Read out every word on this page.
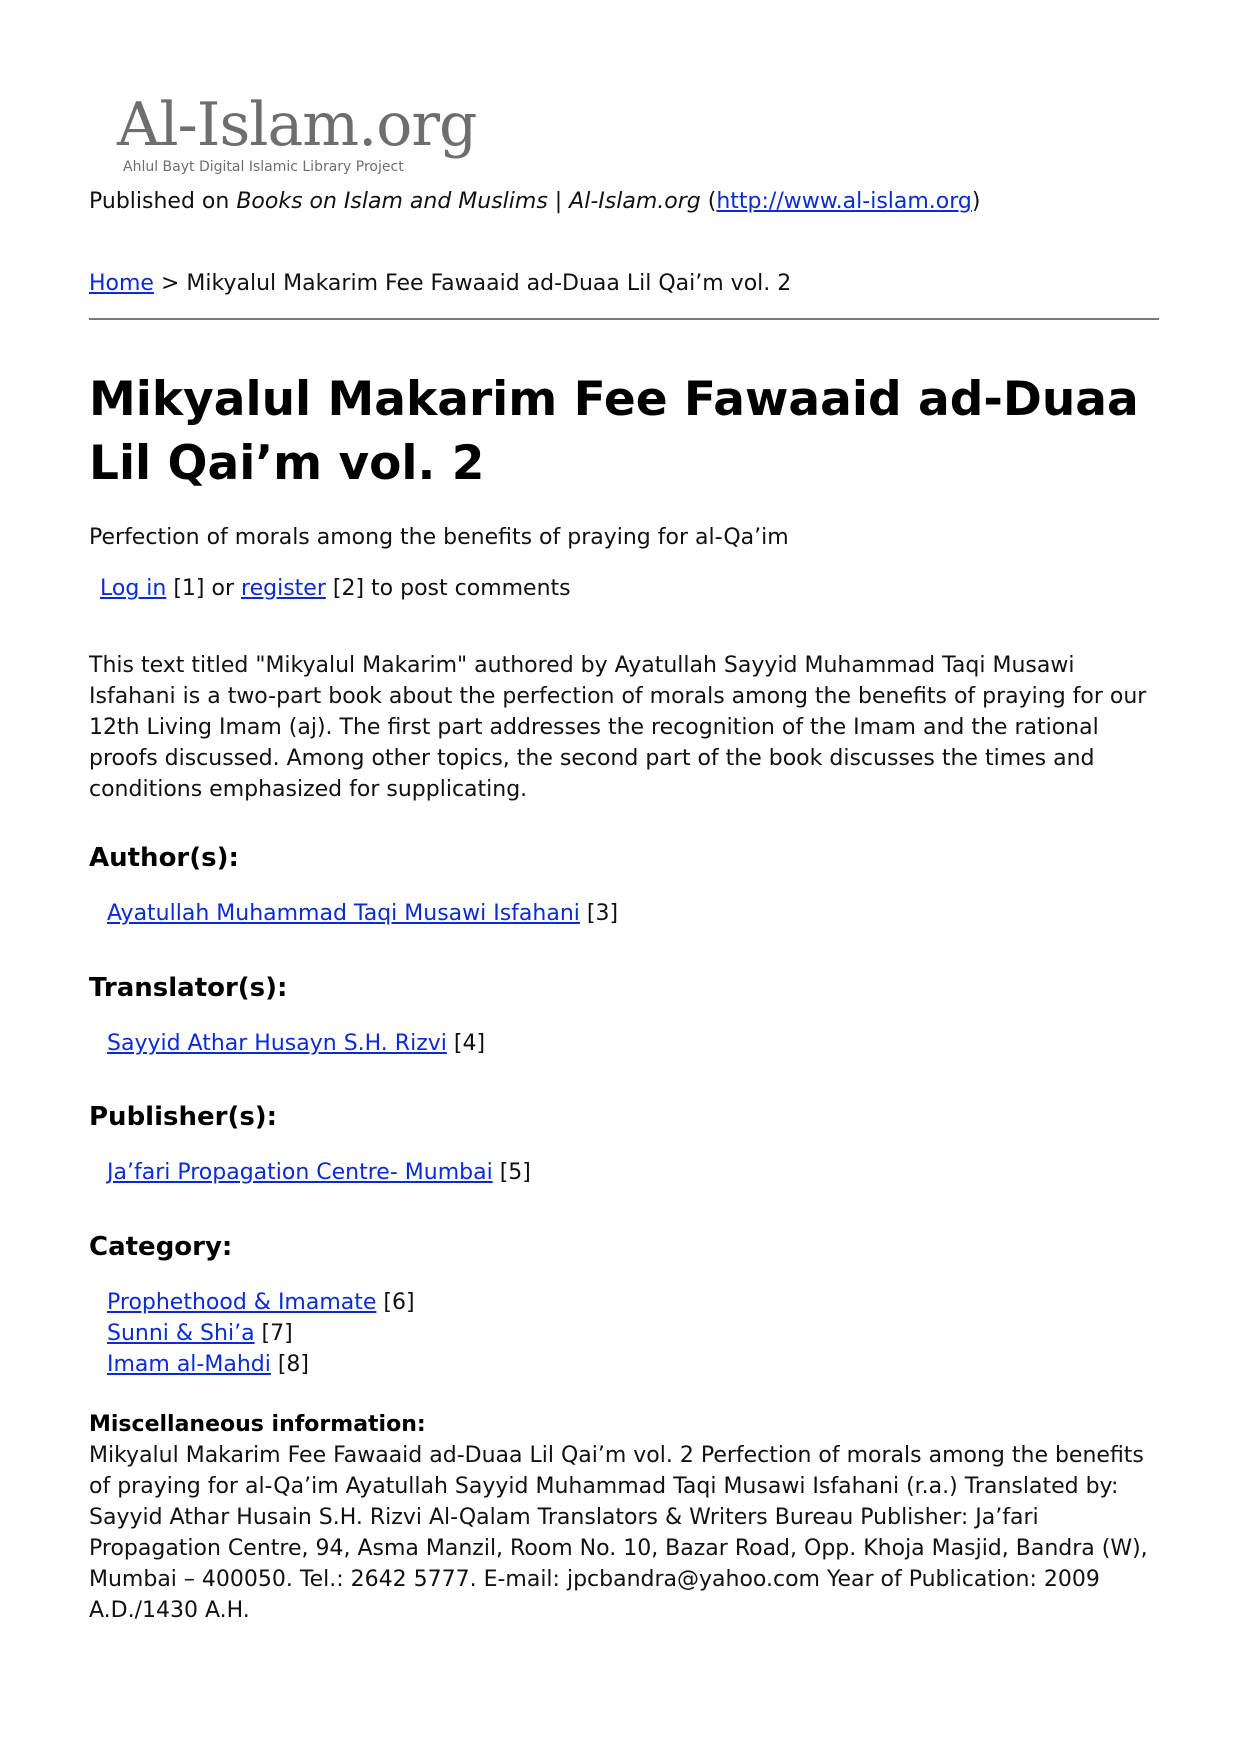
Al-Islam.org
Ahlul Bayt Digital Islamic Library Project
Published on Books on Islam and Muslims | Al-Islam.org (http://www.al-islam.org)
Home > Mikyalul Makarim Fee Fawaaid ad-Duaa Lil Qai’m vol. 2
Mikyalul Makarim Fee Fawaaid ad-Duaa Lil Qai’m vol. 2
Perfection of morals among the benefits of praying for al-Qa’im
Log in [1] or register [2] to post comments

This text titled "Mikyalul Makarim" authored by Ayatullah Sayyid Muhammad Taqi Musawi Isfahani is a two-part book about the perfection of morals among the benefits of praying for our 12th Living Imam (aj). The first part addresses the recognition of the Imam and the rational proofs discussed. Among other topics, the second part of the book discusses the times and conditions emphasized for supplicating.

Author(s):
Ayatullah Muhammad Taqi Musawi Isfahani [3]
Translator(s):
Sayyid Athar Husayn S.H. Rizvi [4]
Publisher(s):
Ja’fari Propagation Centre- Mumbai [5]
Category:
Prophethood & Imamate [6]
Sunni & Shi’a [7]
Imam al-Mahdi [8]
Miscellaneous information:

Mikyalul Makarim Fee Fawaaid ad-Duaa Lil Qai’m vol. 2 Perfection of morals among the benefits of praying for al-Qa’im Ayatullah Sayyid Muhammad Taqi Musawi Isfahani (r.a.) Translated by: Sayyid Athar Husain S.H. Rizvi Al-Qalam Translators & Writers Bureau Publisher: Ja’fari Propagation Centre, 94, Asma Manzil, Room No. 10, Bazar Road, Opp. Khoja Masjid, Bandra (W), Mumbai – 400050. Tel.: 2642 5777. E-mail: jpcbandra@yahoo.com Year of Publication: 2009 A.D./1430 A.H.
